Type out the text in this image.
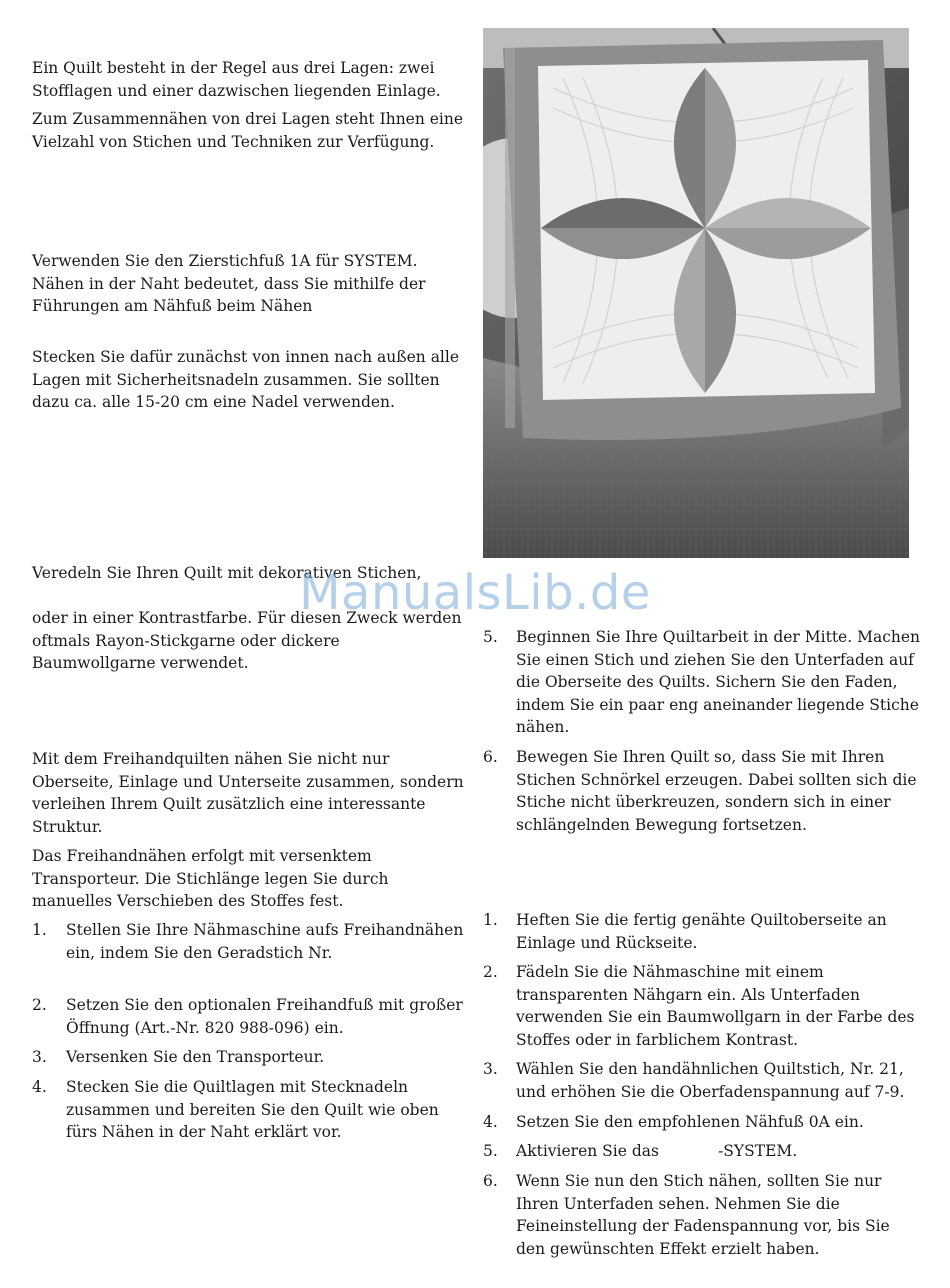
Ein Quilt besteht in der Regel aus drei Lagen: zwei Stofflagen und einer dazwischen liegenden Einlage.

Zum Zusammennähen von drei Lagen steht Ihnen eine Vielzahl von Stichen und Techniken zur Verfügung.

Verwenden Sie den Zierstichfuß 1A für SYSTEM. Nähen in der Naht bedeutet, dass Sie mithilfe der Führungen am Nähfuß beim Nähen

Stecken Sie dafür zunächst von innen nach außen alle Lagen mit Sicherheitsnadeln zusammen. Sie sollten dazu ca. alle 15-20 cm eine Nadel verwenden.

Veredeln Sie Ihren Quilt mit dekorativen Stichen,

oder in einer Kontrastfarbe. Für diesen Zweck werden oftmals Rayon-Stickgarne oder dickere Baumwollgarne verwendet.

Mit dem Freihandquilten nähen Sie nicht nur Oberseite, Einlage und Unterseite zusammen, sondern verleihen Ihrem Quilt zusätzlich eine interessante Struktur.

Das Freihandnähen erfolgt mit versenktem Transporteur. Die Stichlänge legen Sie durch manuelles Verschieben des Stoffes fest.

1. Stellen Sie Ihre Nähmaschine aufs Freihandnähen ein, indem Sie den Geradstich Nr.
2. Setzen Sie den optionalen Freihandfuß mit großer Öffnung (Art.-Nr. 820 988-096) ein.
3. Versenken Sie den Transporteur.
4. Stecken Sie die Quiltlagen mit Stecknadeln zusammen und bereiten Sie den Quilt wie oben fürs Nähen in der Naht erklärt vor.
ManualsLib.de
5. Beginnen Sie Ihre Quiltarbeit in der Mitte. Machen Sie einen Stich und ziehen Sie den Unterfaden auf die Oberseite des Quilts. Sichern Sie den Faden, indem Sie ein paar eng aneinander liegende Stiche nähen.
6. Bewegen Sie Ihren Quilt so, dass Sie mit Ihren Stichen Schnörkel erzeugen. Dabei sollten sich die Stiche nicht überkreuzen, sondern sich in einer schlängelnden Bewegung fortsetzen.
1. Heften Sie die fertig genähte Quiltoberseite an Einlage und Rückseite.
2. Fädeln Sie die Nähmaschine mit einem transparenten Nähgarn ein. Als Unterfaden verwenden Sie ein Baumwollgarn in der Farbe des Stoffes oder in farblichem Kontrast.
3. Wählen Sie den handähnlichen Quiltstich, Nr. 21, und erhöhen Sie die Oberfadenspannung auf 7-9.
4. Setzen Sie den empfohlenen Nähfuß 0A ein.
5. Aktivieren Sie das            -SYSTEM.
6. Wenn Sie nun den Stich nähen, sollten Sie nur Ihren Unterfaden sehen. Nehmen Sie die Feineinstellung der Fadenspannung vor, bis Sie den gewünschten Effekt erzielt haben.
